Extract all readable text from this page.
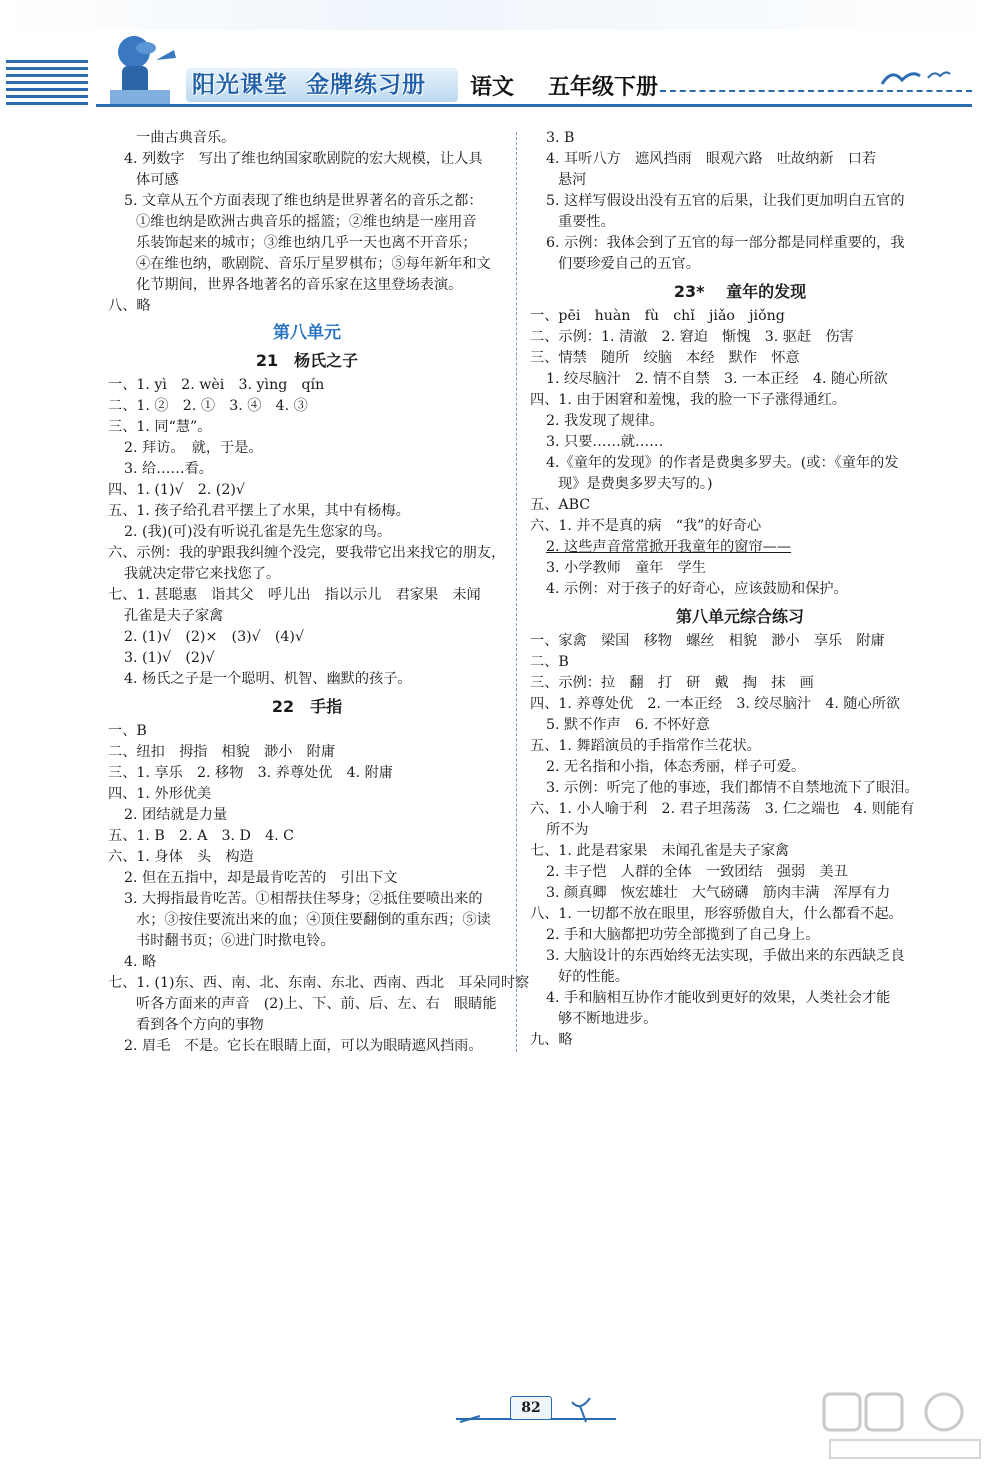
阳光课堂 金牌练习册 语文 五年级下册
一曲古典音乐。
4. 列数字　写出了维也纳国家歌剧院的宏大规模，让人具
体可感
5. 文章从五个方面表现了维也纳是世界著名的音乐之都：
①维也纳是欧洲古典音乐的摇篮；②维也纳是一座用音
乐装饰起来的城市；③维也纳几乎一天也离不开音乐；
④在维也纳，歌剧院、音乐厅星罗棋布；⑤每年新年和文
化节期间，世界各地著名的音乐家在这里登场表演。
八、略
第八单元
21　杨氏之子
一、1. yì　2. wèi　3. yìng　qín
二、1. ②　2. ①　3. ④　4. ③
三、1. 同“慧”。
2. 拜访。　就，于是。
3. 给……看。
四、1. (1)√　2. (2)√
五、1. 孩子给孔君平摆上了水果，其中有杨梅。
2. (我)(可)没有听说孔雀是先生您家的鸟。
六、示例：我的驴跟我纠缠个没完，要我带它出来找它的朋友，
我就决定带它来找您了。
七、1. 甚聪惠　诣其父　呼儿出　指以示儿　君家果　未闻
孔雀是夫子家禽
2. (1)√　(2)×　(3)√　(4)√
3. (1)√　(2)√
4. 杨氏之子是一个聪明、机智、幽默的孩子。
22　手指
一、B
二、纽扣　拇指　相貌　渺小　附庸
三、1. 享乐　2. 移物　3. 养尊处优　4. 附庸
四、1. 外形优美
2. 团结就是力量
五、1. B　2. A　3. D　4. C
六、1. 身体　头　构造
2. 但在五指中，却是最肯吃苦的　引出下文
3. 大拇指最肯吃苦。①相帮扶住琴身；②抵住要喷出来的
水；③按住要流出来的血；④顶住要翻倒的重东西；⑤读
书时翻书页；⑥进门时揿电铃。
4. 略
七、1. (1)东、西、南、北、东南、东北、西南、西北　耳朵同时察
听各方面来的声音　(2)上、下、前、后、左、右　眼睛能
看到各个方向的事物
2. 眉毛　不是。它长在眼睛上面，可以为眼睛遮风挡雨。
3. B
4. 耳听八方　遮风挡雨　眼观六路　吐故纳新　口若
悬河
5. 这样写假设出没有五官的后果，让我们更加明白五官的
重要性。
6. 示例：我体会到了五官的每一部分都是同样重要的，我
们要珍爱自己的五官。
23* 　童年的发现
一、pēi　huàn　fù　chǐ　jiǎo　jiǒng
二、示例：1. 清澈　2. 窘迫　惭愧　3. 驱赶　伤害
三、情禁　随所　绞脑　本经　默作　怀意
1. 绞尽脑汁　2. 情不自禁　3. 一本正经　4. 随心所欲
四、1. 由于困窘和羞愧，我的脸一下子涨得通红。
2. 我发现了规律。
3. 只要……就……
4.《童年的发现》的作者是费奥多罗夫。(或：《童年的发
现》是费奥多罗夫写的。)
五、ABC
六、1. 并不是真的病　“我”的好奇心
2. 这些声音常常掀开我童年的窗帘——
3. 小学教师　童年　学生
4. 示例：对于孩子的好奇心，应该鼓励和保护。
第八单元综合练习
一、家禽　梁国　移物　螺丝　相貌　渺小　享乐　附庸
二、B
三、示例：拉　翻　打　研　戴　掏　抹　画
四、1. 养尊处优　2. 一本正经　3. 绞尽脑汁　4. 随心所欲
5. 默不作声　6. 不怀好意
五、1. 舞蹈演员的手指常作兰花状。
2. 无名指和小指，体态秀丽，样子可爱。
3. 示例：听完了他的事迹，我们都情不自禁地流下了眼泪。
六、1. 小人喻于利　2. 君子坦荡荡　3. 仁之端也　4. 则能有
所不为
七、1. 此是君家果　未闻孔雀是夫子家禽
2. 丰子恺　人群的全体　一致团结　强弱　美丑
3. 颜真卿　恢宏雄壮　大气磅礴　筋肉丰满　浑厚有力
八、1. 一切都不放在眼里，形容骄傲自大，什么都看不起。
2. 手和大脑都把功劳全部揽到了自己身上。
3. 大脑设计的东西始终无法实现，手做出来的东西缺乏良
好的性能。
4. 手和脑相互协作才能收到更好的效果，人类社会才能
够不断地进步。
九、略
82
